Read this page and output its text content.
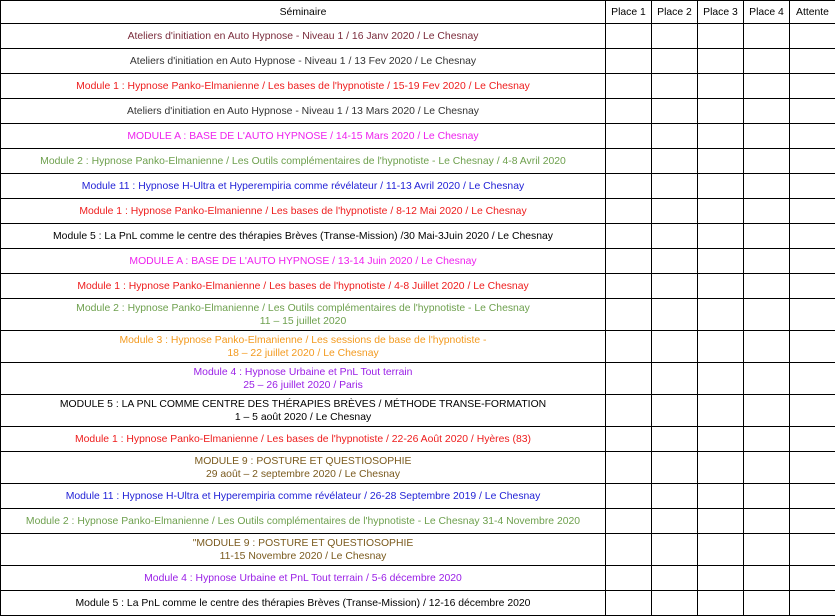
Séminaire	Place 1	Place 2	Place 3	Place 4	Attente

Ateliers d'initiation en Auto Hypnose - Niveau 1 / 16 Janv 2020 / Le Chesnay					

Ateliers d'initiation en Auto Hypnose - Niveau 1 / 13 Fev 2020 / Le Chesnay					

Module 1 : Hypnose Panko-Elmanienne / Les bases de l'hypnotiste / 15-19 Fev 2020 / Le Chesnay					

Ateliers d'initiation en Auto Hypnose - Niveau 1 / 13 Mars 2020 / Le Chesnay					

MODULE A : BASE DE L'AUTO HYPNOSE / 14-15 Mars 2020 / Le Chesnay					

Module 2 : Hypnose Panko-Elmanienne / Les Outils complémentaires de l'hypnotiste - Le Chesnay / 4-8 Avril 2020					

Module 11 : Hypnose H-Ultra et Hyperempiria comme révélateur / 11-13 Avril 2020 / Le Chesnay					

Module 1 : Hypnose Panko-Elmanienne / Les bases de l'hypnotiste / 8-12 Mai 2020 / Le Chesnay					

Module 5 : La PnL comme le centre des thérapies Brèves (Transe-Mission) /30 Mai-3Juin 2020 / Le Chesnay					

MODULE A : BASE DE L'AUTO HYPNOSE / 13-14 Juin 2020 / Le Chesnay					

Module 1 : Hypnose Panko-Elmanienne / Les bases de l'hypnotiste / 4-8 Juillet 2020 / Le Chesnay					

Module 2 : Hypnose Panko-Elmanienne / Les Outils complémentaires de l'hypnotiste - Le Chesnay
11 – 15 juillet 2020					

Module 3 : Hypnose Panko-Elmanienne / Les sessions de base de l'hypnotiste -
18 – 22 juillet 2020 / Le Chesnay					

Module 4 : Hypnose Urbaine et PnL Tout terrain
25 – 26 juillet 2020 / Paris					

MODULE 5 : LA PNL COMME CENTRE DES THÉRAPIES BRÈVES / MÉTHODE TRANSE-FORMATION
1 – 5 août 2020 / Le Chesnay					

Module 1 : Hypnose Panko-Elmanienne / Les bases de l'hypnotiste / 22-26 Août 2020 / Hyères (83)					

MODULE 9 : POSTURE ET QUESTIOSOPHIE
29 août – 2 septembre 2020 / Le Chesnay					

Module 11 : Hypnose H-Ultra et Hyperempiria comme révélateur / 26-28 Septembre 2019 / Le Chesnay					

Module 2 : Hypnose Panko-Elmanienne / Les Outils complémentaires de l'hypnotiste - Le Chesnay 31-4 Novembre 2020					

"MODULE 9 : POSTURE ET QUESTIOSOPHIE
11-15 Novembre 2020 / Le Chesnay					

Module 4 : Hypnose Urbaine et PnL Tout terrain / 5-6 décembre 2020					

Module 5 : La PnL comme le centre des thérapies Brèves (Transe-Mission) / 12-16 décembre 2020					
